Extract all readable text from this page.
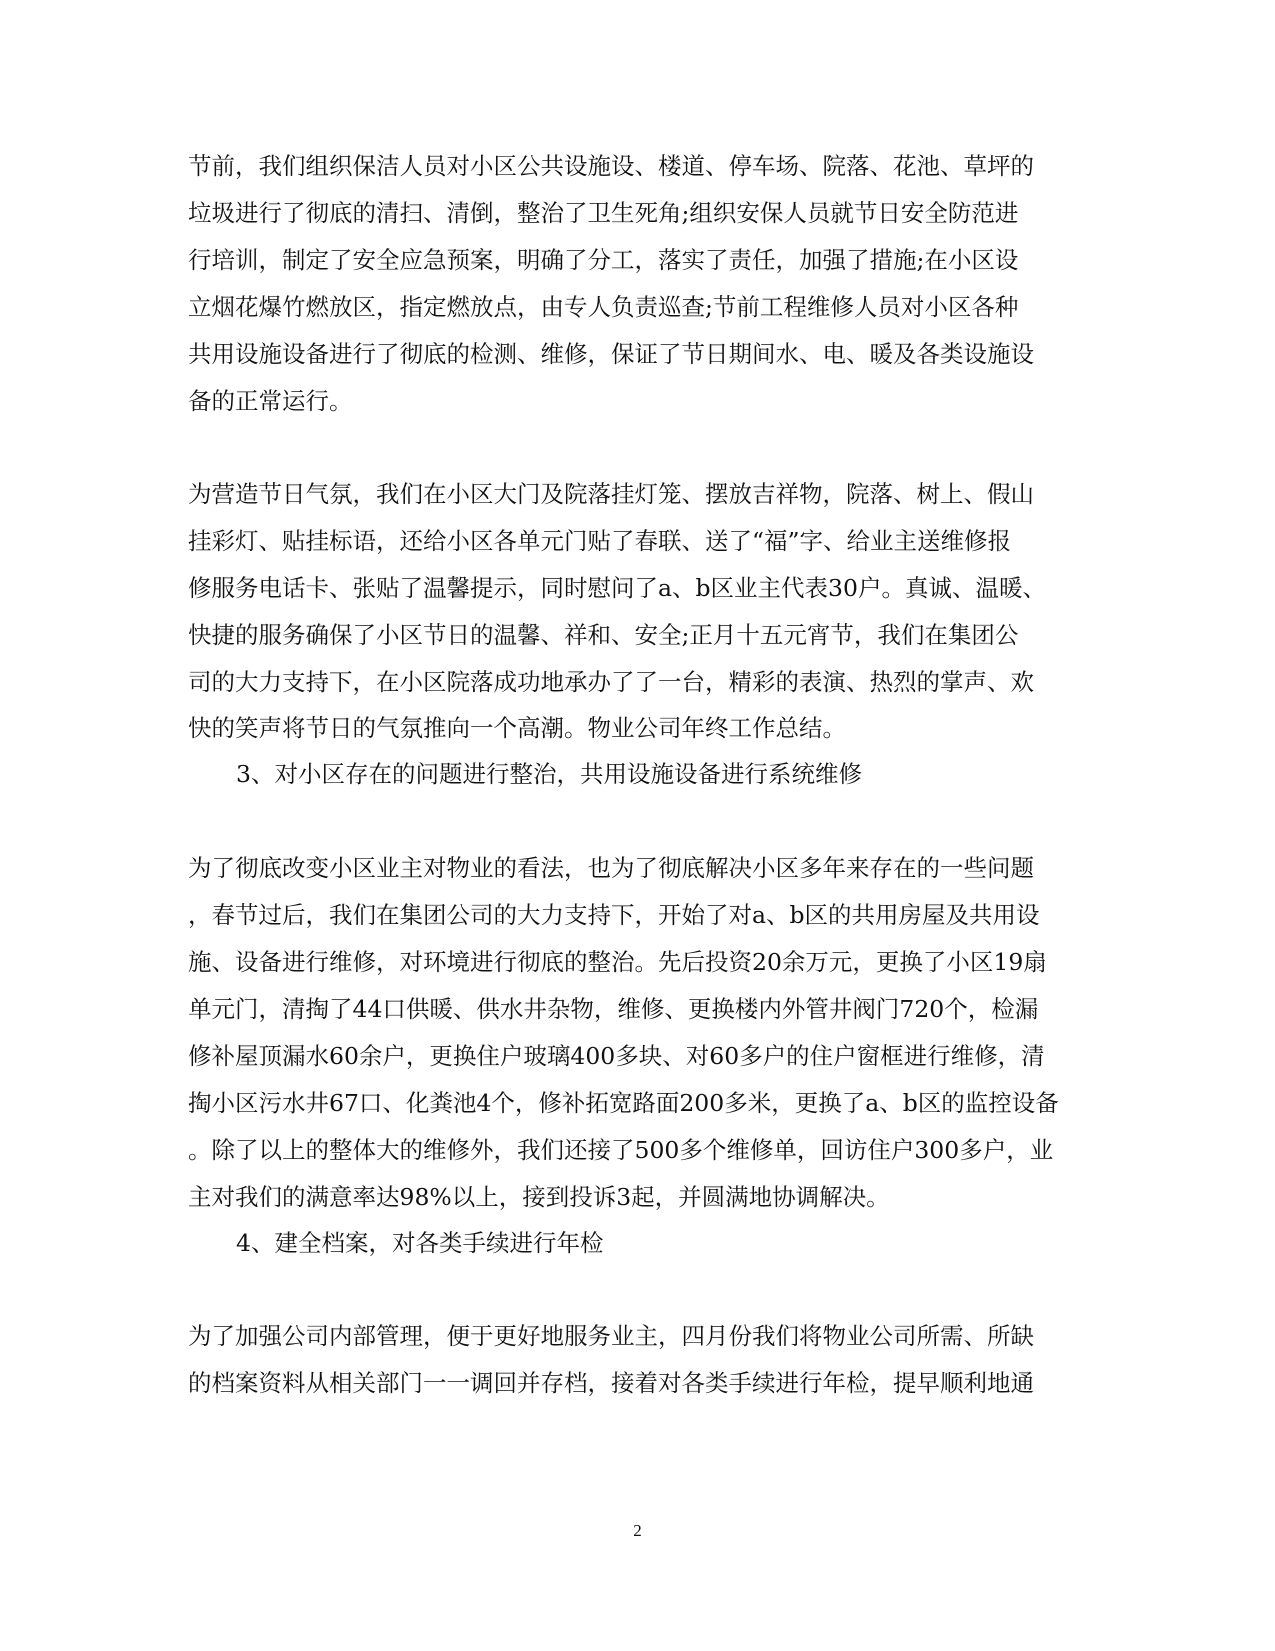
节前，我们组织保洁人员对小区公共设施设、楼道、停车场、院落、花池、草坪的
垃圾进行了彻底的清扫、清倒，整治了卫生死角;组织安保人员就节日安全防范进
行培训，制定了安全应急预案，明确了分工，落实了责任，加强了措施;在小区设
立烟花爆竹燃放区，指定燃放点，由专人负责巡查;节前工程维修人员对小区各种
共用设施设备进行了彻底的检测、维修，保证了节日期间水、电、暖及各类设施设
备的正常运行。
为营造节日气氛，我们在小区大门及院落挂灯笼、摆放吉祥物，院落、树上、假山
挂彩灯、贴挂标语，还给小区各单元门贴了春联、送了“福”字、给业主送维修报
修服务电话卡、张贴了温馨提示，同时慰问了a、b区业主代表30户。真诚、温暖、
快捷的服务确保了小区节日的温馨、祥和、安全;正月十五元宵节，我们在集团公
司的大力支持下，在小区院落成功地承办了了一台，精彩的表演、热烈的掌声、欢
快的笑声将节日的气氛推向一个高潮。物业公司年终工作总结。
3、对小区存在的问题进行整治，共用设施设备进行系统维修
为了彻底改变小区业主对物业的看法，也为了彻底解决小区多年来存在的一些问题
，春节过后，我们在集团公司的大力支持下，开始了对a、b区的共用房屋及共用设
施、设备进行维修，对环境进行彻底的整治。先后投资20余万元，更换了小区19扇
单元门，清掏了44口供暖、供水井杂物，维修、更换楼内外管井阀门720个，检漏
修补屋顶漏水60余户，更换住户玻璃400多块、对60多户的住户窗框进行维修，清
掏小区污水井67口、化粪池4个，修补拓宽路面200多米，更换了a、b区的监控设备
。除了以上的整体大的维修外，我们还接了500多个维修单，回访住户300多户，业
主对我们的满意率达98%以上，接到投诉3起，并圆满地协调解决。
4、建全档案，对各类手续进行年检
为了加强公司内部管理，便于更好地服务业主，四月份我们将物业公司所需、所缺
的档案资料从相关部门一一调回并存档，接着对各类手续进行年检，提早顺利地通
2
